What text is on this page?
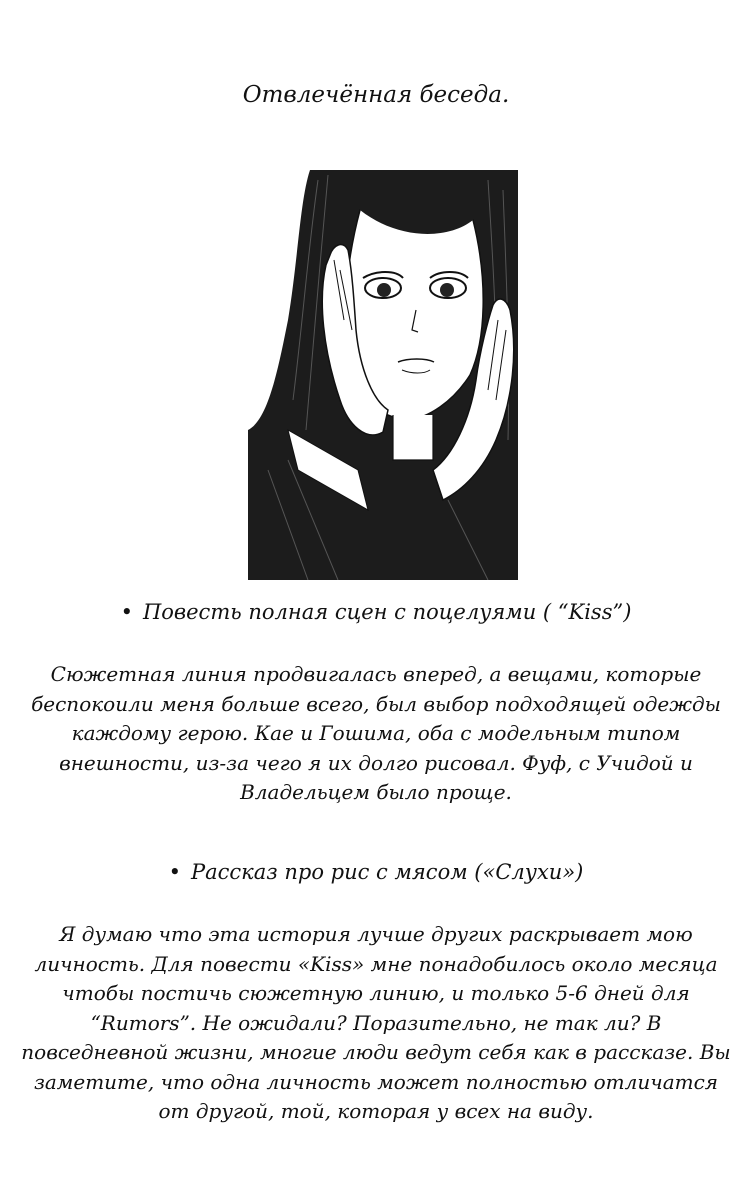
Отвлечённая беседа.
• Повесть полная сцен с поцелуями ( “Kiss”)
Сюжетная линия продвигалась вперед, а вещами, которые беспокоили меня больше всего, был выбор подходящей одежды каждому герою. Кае и Гошима, оба с модельным типом внешности, из-за чего я их долго рисовал. Фуф, с Учидой и Владельцем было проще.
• Рассказ про рис с мясом («Слухи»)
Я думаю что эта история лучше других раскрывает мою личность. Для повести «Kiss» мне понадобилось около месяца чтобы постичь сюжетную линию, и только 5-6 дней для “Rumors”. Не ожидали? Поразительно, не так ли? В повседневной жизни, многие люди ведут себя как в рассказе. Вы заметите, что одна личность может полностью отличатся от другой, той, которая у всех на виду.
